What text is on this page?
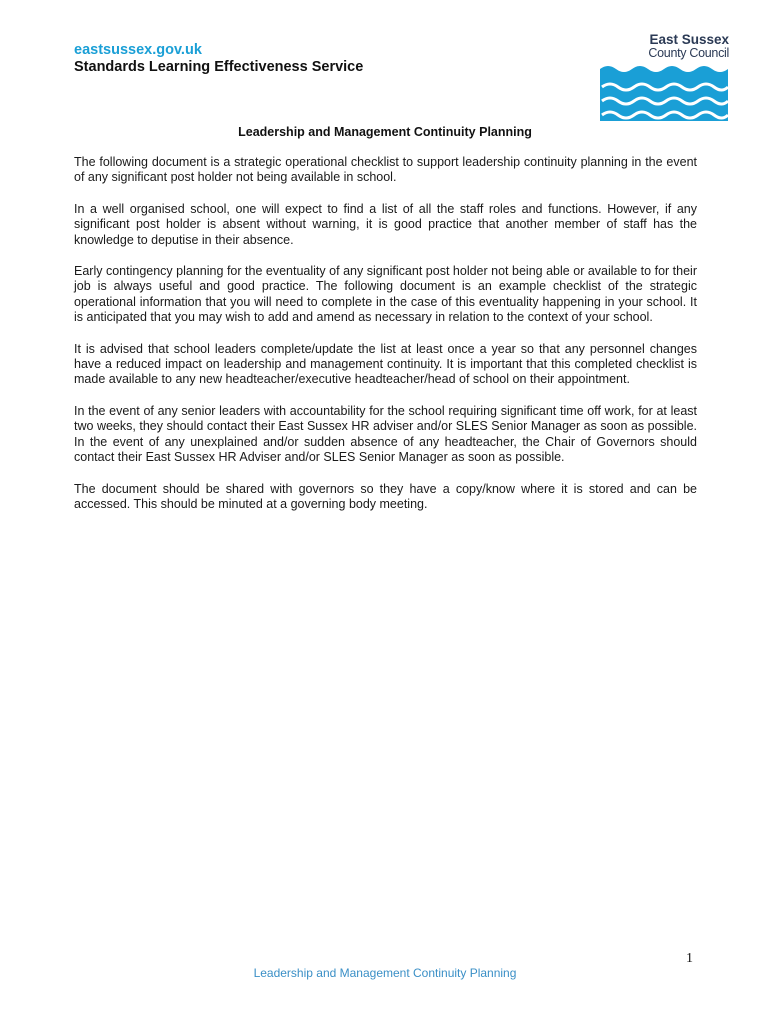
eastsussex.gov.uk
Standards Learning Effectiveness Service
East Sussex
County Council
Leadership and Management Continuity Planning

The following document is a strategic operational checklist to support leadership continuity planning in the event of any significant post holder not being available in school.

In a well organised school, one will expect to find a list of all the staff roles and functions. However, if any significant post holder is absent without warning, it is good practice that another member of staff has the knowledge to deputise in their absence.

Early contingency planning for the eventuality of any significant post holder not being able or available to for their job is always useful and good practice. The following document is an example checklist of the strategic operational information that you will need to complete in the case of this eventuality happening in your school. It is anticipated that you may wish to add and amend as necessary in relation to the context of your school.

It is advised that school leaders complete/update the list at least once a year so that any personnel changes have a reduced impact on leadership and management continuity. It is important that this completed checklist is made available to any new headteacher/executive headteacher/head of school on their appointment.

In the event of any senior leaders with accountability for the school requiring significant time off work, for at least two weeks, they should contact their East Sussex HR adviser and/or SLES Senior Manager as soon as possible. In the event of any unexplained and/or sudden absence of any headteacher, the Chair of Governors should contact their East Sussex HR Adviser and/or SLES Senior Manager as soon as possible.

The document should be shared with governors so they have a copy/know where it is stored and can be accessed. This should be minuted at a governing body meeting.

1
Leadership and Management Continuity Planning
